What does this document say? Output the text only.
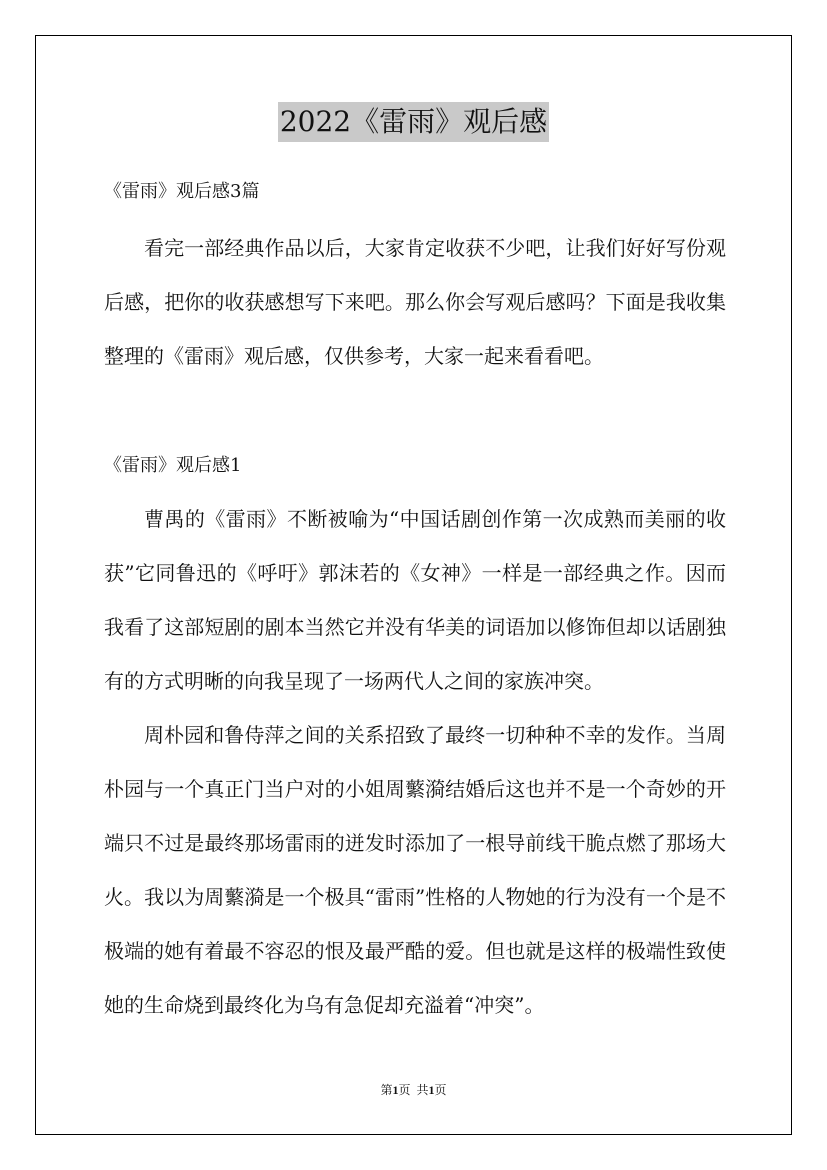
2022《雷雨》观后感
《雷雨》观后感3篇

看完一部经典作品以后，大家肯定收获不少吧，让我们好好写份观后感，把你的收获感想写下来吧。那么你会写观后感吗？下面是我收集整理的《雷雨》观后感，仅供参考，大家一起来看看吧。

《雷雨》观后感1

曹禺的《雷雨》不断被喻为“中国话剧创作第一次成熟而美丽的收获”它同鲁迅的《呼吁》郭沫若的《女神》一样是一部经典之作。因而我看了这部短剧的剧本当然它并没有华美的词语加以修饰但却以话剧独有的方式明晰的向我呈现了一场两代人之间的家族冲突。

周朴园和鲁侍萍之间的关系招致了最终一切种种不幸的发作。当周朴园与一个真正门当户对的小姐周蘩漪结婚后这也并不是一个奇妙的开端只不过是最终那场雷雨的迸发时添加了一根导前线干脆点燃了那场大火。我以为周蘩漪是一个极具“雷雨”性格的人物她的行为没有一个是不极端的她有着最不容忍的恨及最严酷的爱。但也就是这样的极端性致使她的生命烧到最终化为乌有急促却充溢着“冲突”。

第1页 共1页
